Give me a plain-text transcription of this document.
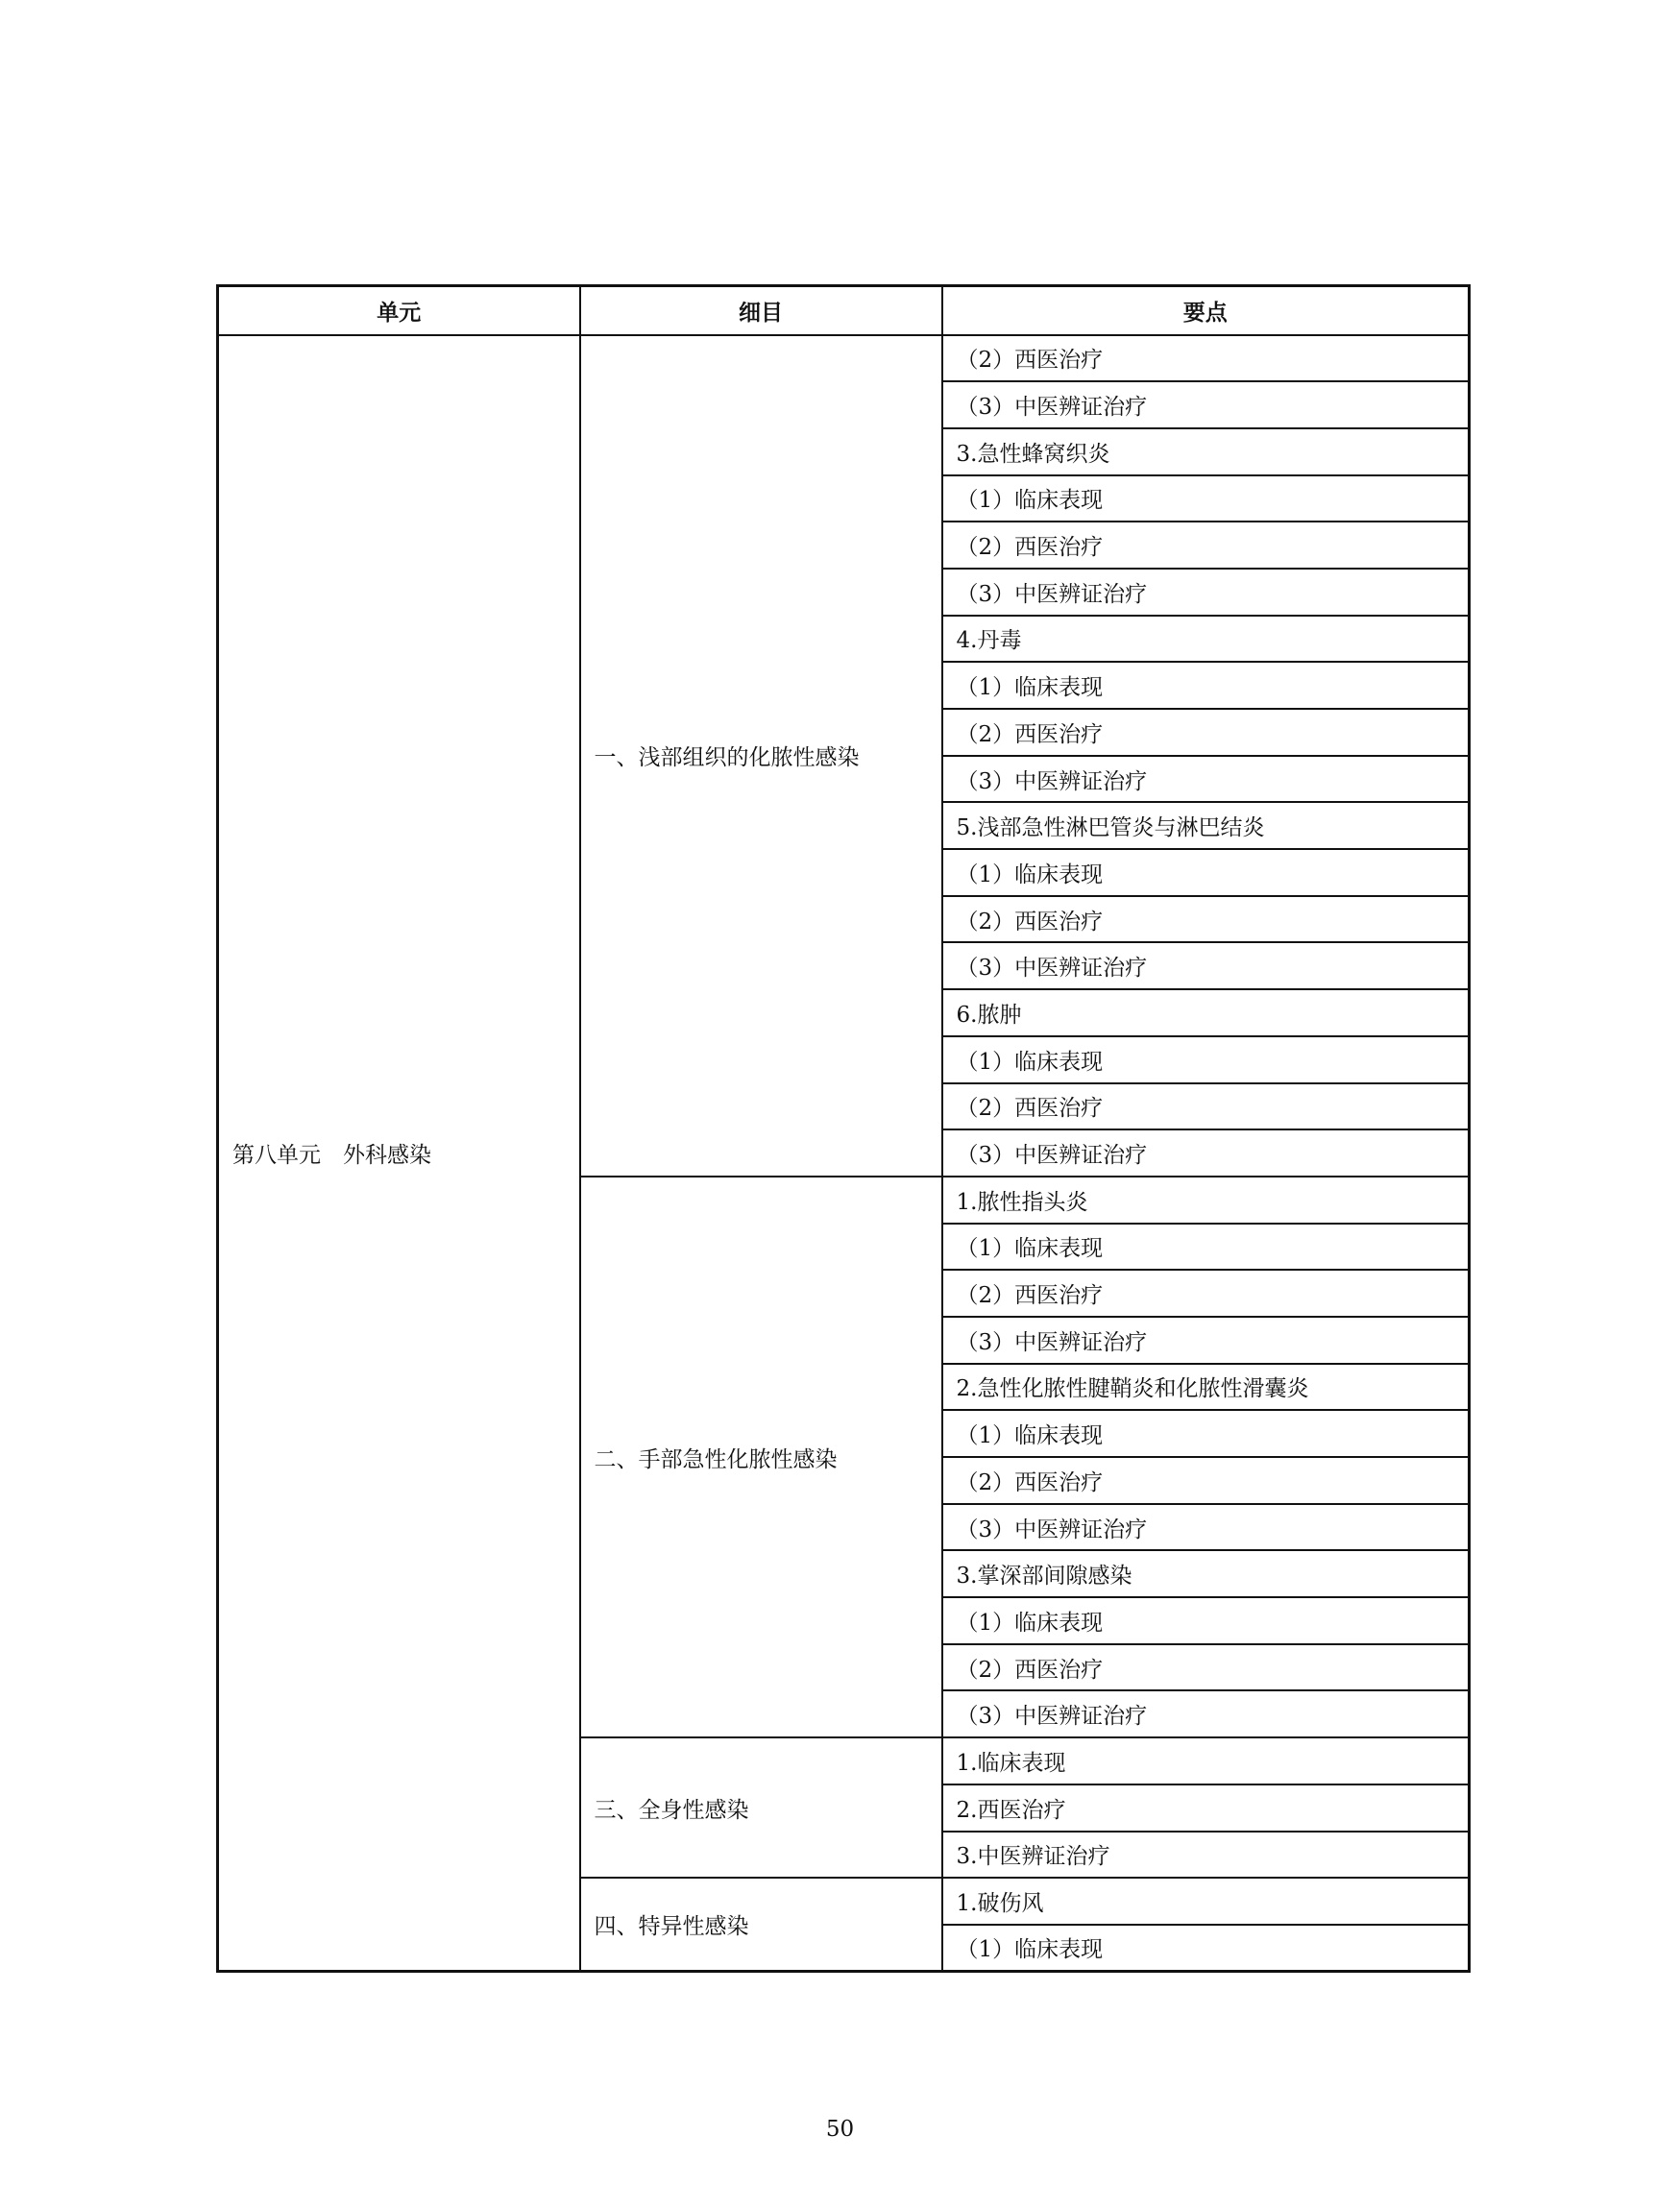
单元	细目	要点
第八单元　外科感染	一、浅部组织的化脓性感染	（2）西医治疗
		（3）中医辨证治疗
		3.急性蜂窝织炎
		（1）临床表现
		（2）西医治疗
		（3）中医辨证治疗
		4.丹毒
		（1）临床表现
		（2）西医治疗
		（3）中医辨证治疗
		5.浅部急性淋巴管炎与淋巴结炎
		（1）临床表现
		（2）西医治疗
		（3）中医辨证治疗
		6.脓肿
		（1）临床表现
		（2）西医治疗
		（3）中医辨证治疗
	二、手部急性化脓性感染	1.脓性指头炎
		（1）临床表现
		（2）西医治疗
		（3）中医辨证治疗
		2.急性化脓性腱鞘炎和化脓性滑囊炎
		（1）临床表现
		（2）西医治疗
		（3）中医辨证治疗
		3.掌深部间隙感染
		（1）临床表现
		（2）西医治疗
		（3）中医辨证治疗
	三、全身性感染	1.临床表现
		2.西医治疗
		3.中医辨证治疗
	四、特异性感染	1.破伤风
		（1）临床表现
50
